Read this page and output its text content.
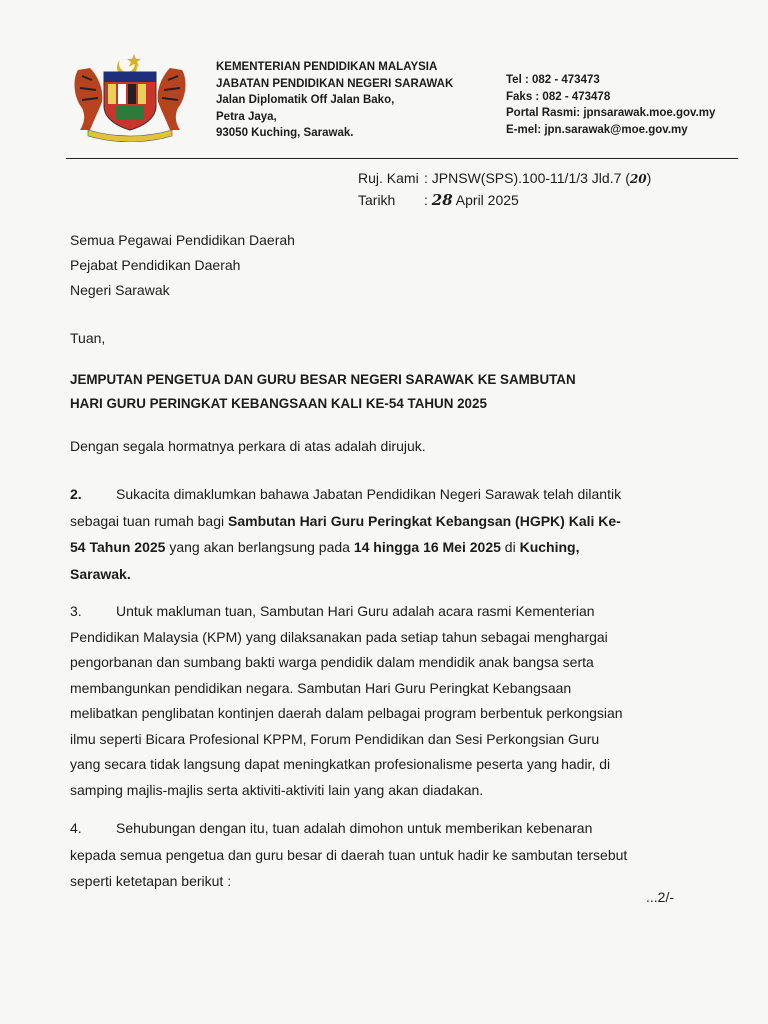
KEMENTERIAN PENDIDIKAN MALAYSIA
JABATAN PENDIDIKAN NEGERI SARAWAK
Jalan Diplomatik Off Jalan Bako,
Petra Jaya,
93050 Kuching, Sarawak.
Tel : 082 - 473473
Faks : 082 - 473478
Portal Rasmi: jpnsarawak.moe.gov.my
E-mel: jpn.sarawak@moe.gov.my
Ruj. Kami : JPNSW(SPS).100-11/1/3 Jld.7 (20)
Tarikh : 28 April 2025
Semua Pegawai Pendidikan Daerah
Pejabat Pendidikan Daerah
Negeri Sarawak
Tuan,
JEMPUTAN PENGETUA DAN GURU BESAR NEGERI SARAWAK KE SAMBUTAN
HARI GURU PERINGKAT KEBANGSAAN KALI KE-54 TAHUN 2025
Dengan segala hormatnya perkara di atas adalah dirujuk.
2. Sukacita dimaklumkan bahawa Jabatan Pendidikan Negeri Sarawak telah dilantik
sebagai tuan rumah bagi Sambutan Hari Guru Peringkat Kebangsan (HGPK) Kali Ke-
54 Tahun 2025 yang akan berlangsung pada 14 hingga 16 Mei 2025 di Kuching,
Sarawak.
3. Untuk makluman tuan, Sambutan Hari Guru adalah acara rasmi Kementerian
Pendidikan Malaysia (KPM) yang dilaksanakan pada setiap tahun sebagai menghargai
pengorbanan dan sumbang bakti warga pendidik dalam mendidik anak bangsa serta
membangunkan pendidikan negara. Sambutan Hari Guru Peringkat Kebangsaan
melibatkan penglibatan kontinjen daerah dalam pelbagai program berbentuk perkongsian
ilmu seperti Bicara Profesional KPPM, Forum Pendidikan dan Sesi Perkongsian Guru
yang secara tidak langsung dapat meningkatkan profesionalisme peserta yang hadir, di
samping majlis-majlis serta aktiviti-aktiviti lain yang akan diadakan.
4. Sehubungan dengan itu, tuan adalah dimohon untuk memberikan kebenaran
kepada semua pengetua dan guru besar di daerah tuan untuk hadir ke sambutan tersebut
seperti ketetapan berikut :
...2/-
